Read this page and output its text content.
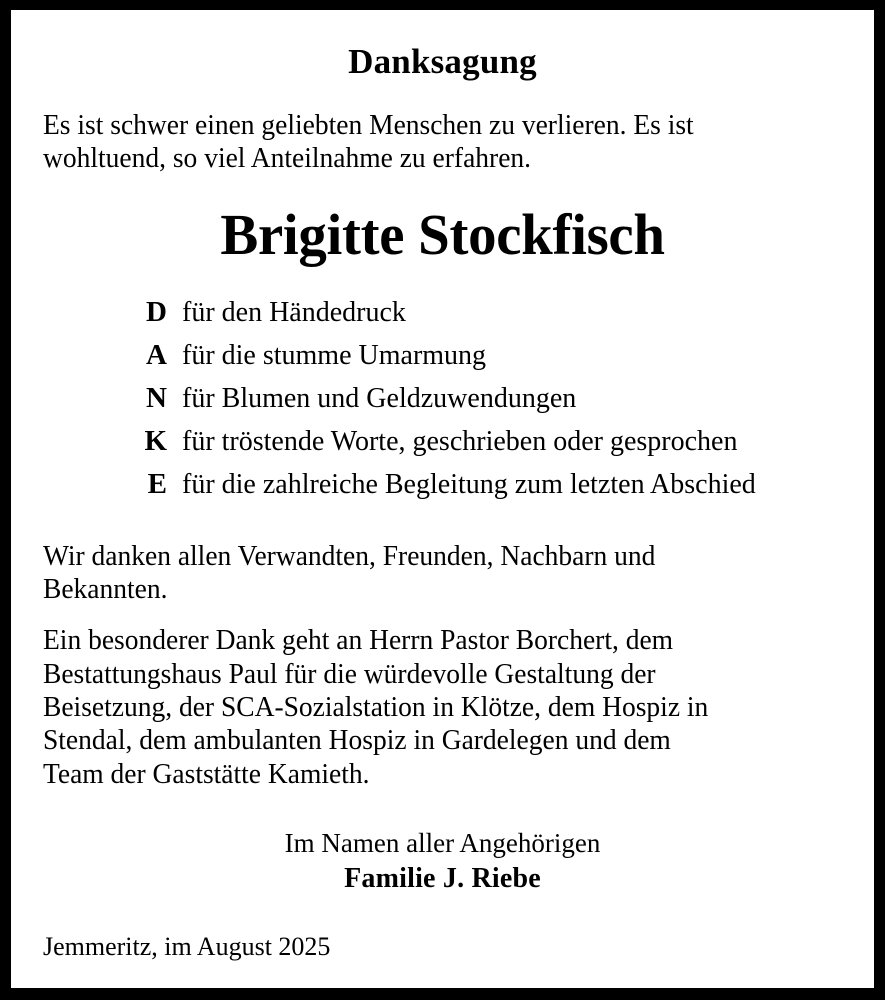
Danksagung
Es ist schwer einen geliebten Menschen zu verlieren. Es ist
wohltuend, so viel Anteilnahme zu erfahren.
Brigitte Stockfisch
D für den Händedruck
A für die stumme Umarmung
N für Blumen und Geldzuwendungen
K für tröstende Worte, geschrieben oder gesprochen
E für die zahlreiche Begleitung zum letzten Abschied
Wir danken allen Verwandten, Freunden, Nachbarn und
Bekannten.
Ein besonderer Dank geht an Herrn Pastor Borchert, dem
Bestattungshaus Paul für die würdevolle Gestaltung der
Beisetzung, der SCA-Sozialstation in Klötze, dem Hospiz in
Stendal, dem ambulanten Hospiz in Gardelegen und dem
Team der Gaststätte Kamieth.
Im Namen aller Angehörigen
Familie J. Riebe
Jemmeritz, im August 2025
